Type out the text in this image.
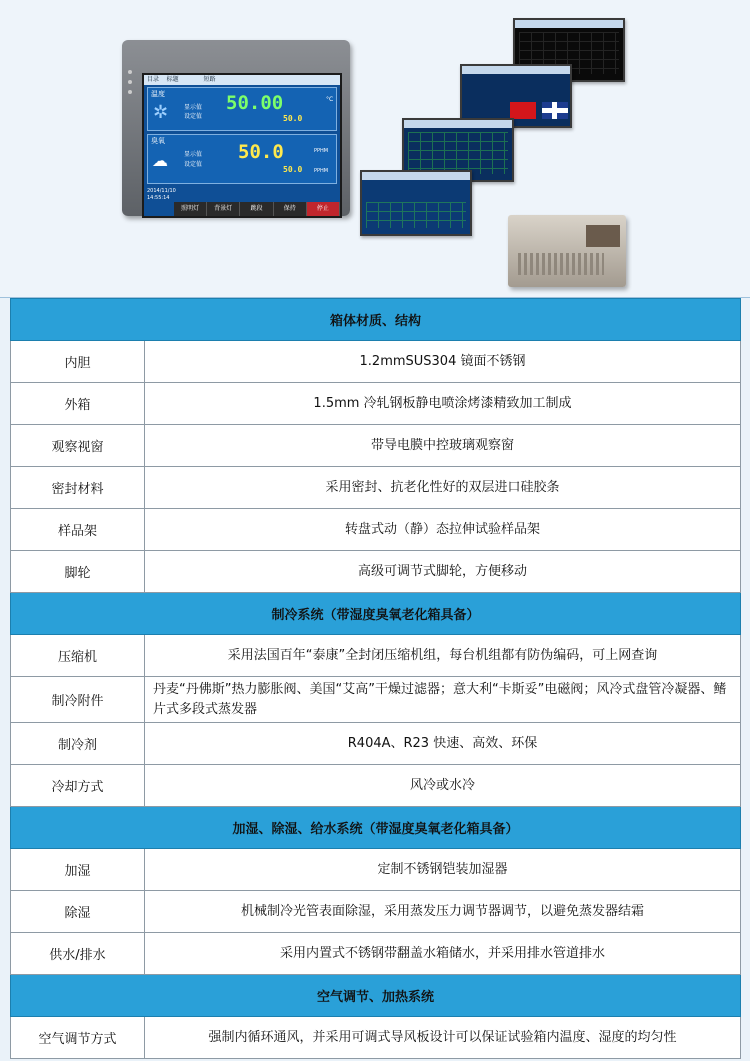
目录 标题	短路
温度
✲	显示值
设定值
50.00
50.0
°C
臭氧
☁	显示值
设定值
50.0
50.0
PPHM
PPHM
2014/11/10
14:55:14
照明灯	背景灯	跳段	保持	停止
箱体材质、结构	
内胆	1.2mmSUS304 镜面不锈钢
外箱	1.5mm 冷轧钢板静电喷涂烤漆精致加工制成
观察视窗	带导电膜中控玻璃观察窗
密封材料	采用密封、抗老化性好的双层进口硅胶条
样品架	转盘式动（静）态拉伸试验样品架
脚轮	高级可调节式脚轮，方便移动
制冷系统（带湿度臭氧老化箱具备）	
压缩机	采用法国百年“泰康”全封闭压缩机组，每台机组都有防伪编码，可上网查询
制冷附件	丹麦“丹佛斯”热力膨胀阀、美国“艾高”干燥过滤器；意大利“卡斯妥”电磁阀；风冷式盘管冷凝器、鳍片式多段式蒸发器
制冷剂	R404A、R23 快速、高效、环保
冷却方式	风冷或水冷
加湿、除湿、给水系统（带湿度臭氧老化箱具备）	
加湿	定制不锈钢铠装加湿器
除湿	机械制冷光管表面除湿，采用蒸发压力调节器调节，以避免蒸发器结霜
供水/排水	采用内置式不锈钢带翻盖水箱储水，并采用排水管道排水
空气调节、加热系统	
空气调节方式	强制内循环通风，并采用可调式导风板设计可以保证试验箱内温度、湿度的均匀性
